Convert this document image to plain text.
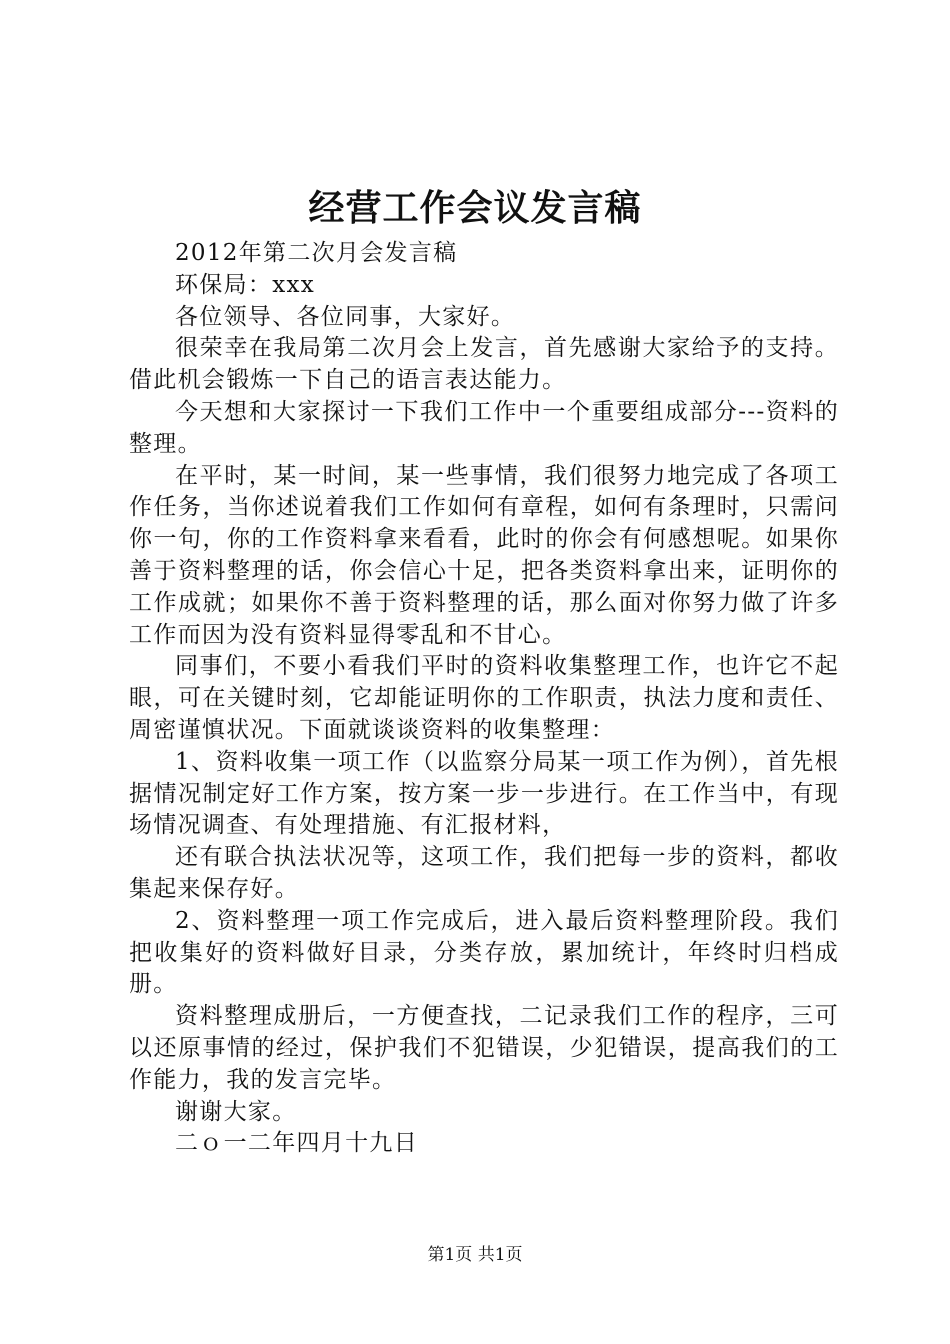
经营工作会议发言稿

2012年第二次月会发言稿

环保局：xxx

各位领导、各位同事，大家好。

很荣幸在我局第二次月会上发言，首先感谢大家给予的支持。借此机会锻炼一下自己的语言表达能力。

今天想和大家探讨一下我们工作中一个重要组成部分---资料的整理。

在平时，某一时间，某一些事情，我们很努力地完成了各项工作任务，当你述说着我们工作如何有章程，如何有条理时，只需问你一句，你的工作资料拿来看看，此时的你会有何感想呢。如果你善于资料整理的话，你会信心十足，把各类资料拿出来，证明你的工作成就；如果你不善于资料整理的话，那么面对你努力做了许多工作而因为没有资料显得零乱和不甘心。

同事们，不要小看我们平时的资料收集整理工作，也许它不起眼，可在关键时刻，它却能证明你的工作职责，执法力度和责任、周密谨慎状况。下面就谈谈资料的收集整理：

1、资料收集一项工作（以监察分局某一项工作为例），首先根据情况制定好工作方案，按方案一步一步进行。在工作当中，有现场情况调查、有处理措施、有汇报材料，

还有联合执法状况等，这项工作，我们把每一步的资料，都收集起来保存好。

2、资料整理一项工作完成后，进入最后资料整理阶段。我们把收集好的资料做好目录，分类存放，累加统计，年终时归档成册。

资料整理成册后，一方便查找，二记录我们工作的程序，三可以还原事情的经过，保护我们不犯错误，少犯错误，提高我们的工作能力，我的发言完毕。

谢谢大家。

二ｏ一二年四月十九日

第1页 共1页
